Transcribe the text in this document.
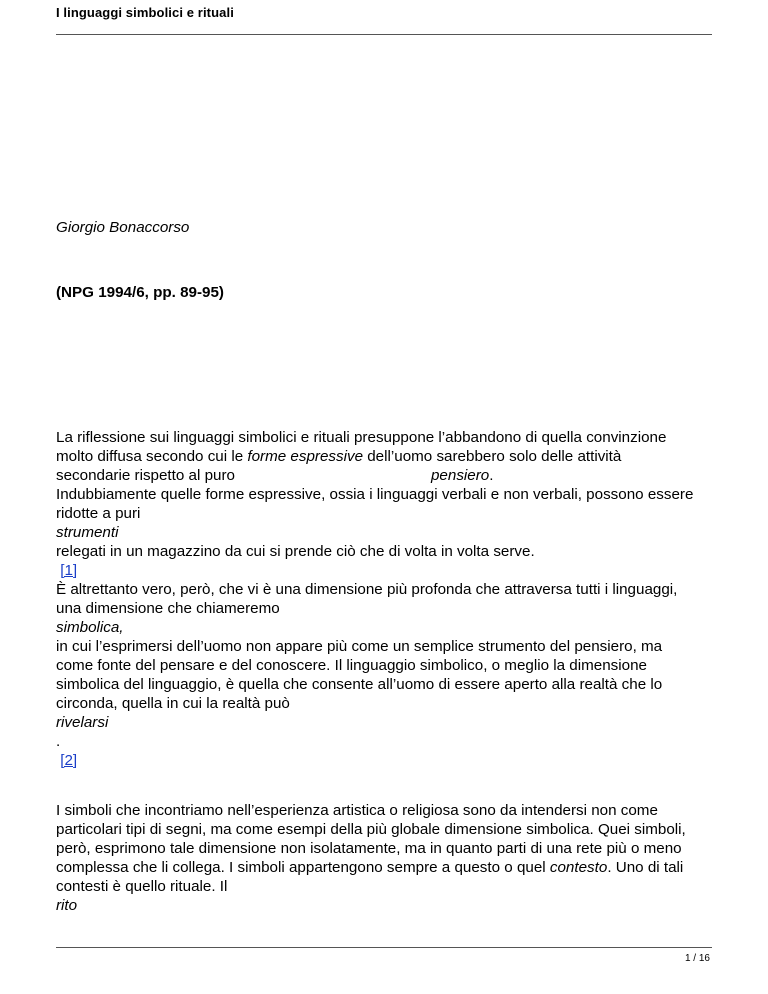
I linguaggi simbolici e rituali
Giorgio Bonaccorso
(NPG 1994/6, pp. 89-95)
La riflessione sui linguaggi simbolici e rituali presuppone l’abbandono di quella convinzione
molto diffusa secondo cui le forme espressive dell’uomo sarebbero solo delle attività
secondarie rispetto al puro	pensiero.
Indubbiamente quelle forme espressive, ossia i linguaggi verbali e non verbali, possono essere
ridotte a puri
strumenti
relegati in un magazzino da cui si prende ciò che di volta in volta serve.
[1]
È altrettanto vero, però, che vi è una dimensione più profonda che attraversa tutti i linguaggi,
una dimensione che chiameremo
simbolica,
in cui l’esprimersi dell’uomo non appare più come un semplice strumento del pensiero, ma
come fonte del pensare e del conoscere. Il linguaggio simbolico, o meglio la dimensione
simbolica del linguaggio, è quella che consente all’uomo di essere aperto alla realtà che lo
circonda, quella in cui la realtà può
rivelarsi
.
[2]
I simboli che incontriamo nell’esperienza artistica o religiosa sono da intendersi non come
particolari tipi di segni, ma come esempi della più globale dimensione simbolica. Quei simboli,
però, esprimono tale dimensione non isolatamente, ma in quanto parti di una rete più o meno
complessa che li collega. I simboli appartengono sempre a questo o quel contesto. Uno di tali
contesti è quello rituale. Il
rito
1 / 16
